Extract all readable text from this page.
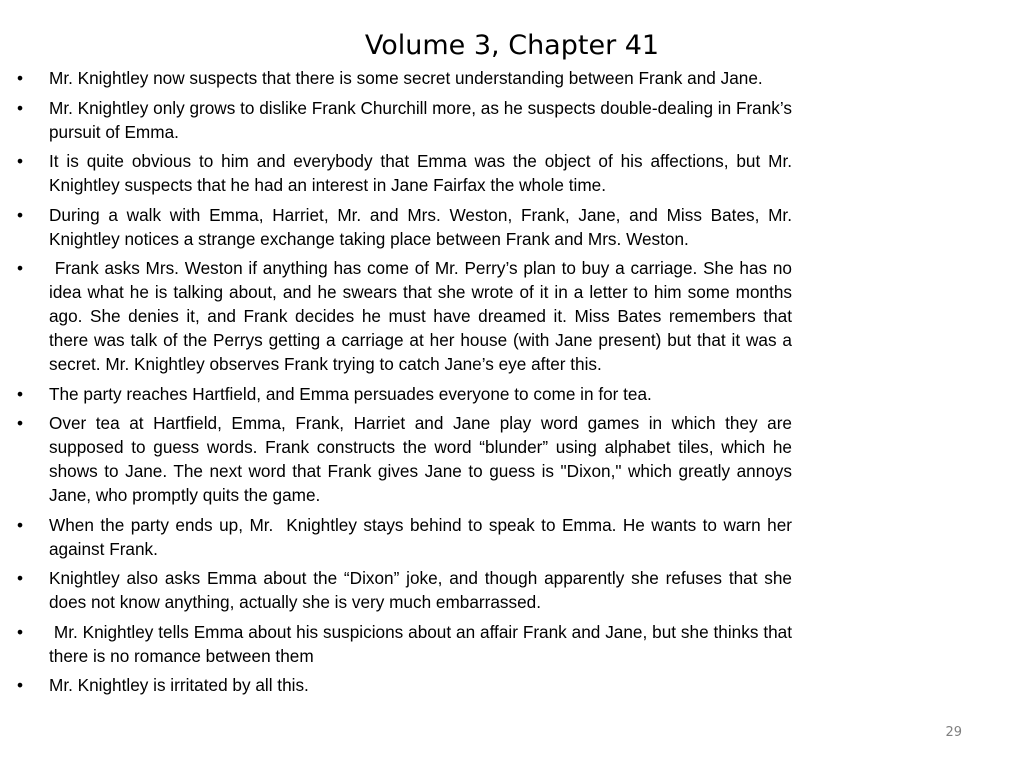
Volume 3, Chapter 41
• Mr. Knightley now suspects that there is some secret understanding between Frank and Jane.
• Mr. Knightley only grows to dislike Frank Churchill more, as he suspects double-dealing in Frank’s pursuit of Emma.
• It is quite obvious to him and everybody that Emma was the object of his affections, but Mr. Knightley suspects that he had an interest in Jane Fairfax the whole time.
• During a walk with Emma, Harriet, Mr. and Mrs. Weston, Frank, Jane, and Miss Bates, Mr. Knightley notices a strange exchange taking place between Frank and Mrs. Weston.
• Frank asks Mrs. Weston if anything has come of Mr. Perry’s plan to buy a carriage. She has no idea what he is talking about, and he swears that she wrote of it in a letter to him some months ago. She denies it, and Frank decides he must have dreamed it. Miss Bates remembers that there was talk of the Perrys getting a carriage at her house (with Jane present) but that it was a secret. Mr. Knightley observes Frank trying to catch Jane’s eye after this.
• The party reaches Hartfield, and Emma persuades everyone to come in for tea.
• Over tea at Hartfield, Emma, Frank, Harriet and Jane play word games in which they are supposed to guess words. Frank constructs the word “blunder” using alphabet tiles, which he shows to Jane. The next word that Frank gives Jane to guess is "Dixon," which greatly annoys Jane, who promptly quits the game.
• When the party ends up, Mr.  Knightley stays behind to speak to Emma. He wants to warn her against Frank.
• Knightley also asks Emma about the “Dixon” joke, and though apparently she refuses that she does not know anything, actually she is very much embarrassed.
• Mr. Knightley tells Emma about his suspicions about an affair Frank and Jane, but she thinks that there is no romance between them
• Mr. Knightley is irritated by all this.
29
